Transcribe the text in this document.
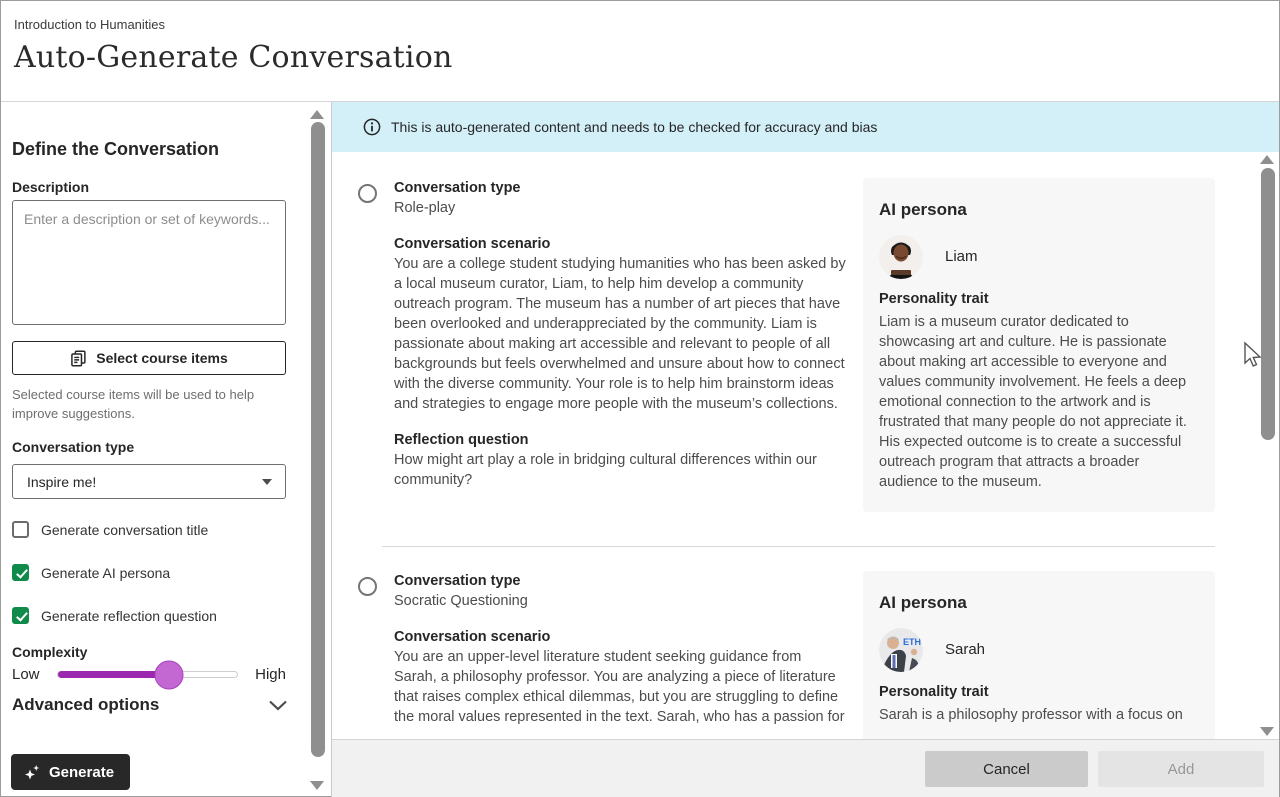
Introduction to Humanities
Auto-Generate Conversation
Define the Conversation
Description
Enter a description or set of keywords...
Select course items
Selected course items will be used to help improve suggestions.
Conversation type
Inspire me!
Generate conversation title
Generate AI persona
Generate reflection question
Complexity
Low	High
Advanced options
Generate
This is auto-generated content and needs to be checked for accuracy and bias
Conversation type
Role-play
Conversation scenario
You are a college student studying humanities who has been asked by a local museum curator, Liam, to help him develop a community outreach program. The museum has a number of art pieces that have been overlooked and underappreciated by the community. Liam is passionate about making art accessible and relevant to people of all backgrounds but feels overwhelmed and unsure about how to connect with the diverse community. Your role is to help him brainstorm ideas and strategies to engage more people with the museum’s collections.
Reflection question
How might art play a role in bridging cultural differences within our community?
AI persona
Liam
Personality trait
Liam is a museum curator dedicated to showcasing art and culture. He is passionate about making art accessible to everyone and values community involvement. He feels a deep emotional connection to the artwork and is frustrated that many people do not appreciate it. His expected outcome is to create a successful outreach program that attracts a broader audience to the museum.
Conversation type
Socratic Questioning
Conversation scenario
You are an upper-level literature student seeking guidance from Sarah, a philosophy professor. You are analyzing a piece of literature that raises complex ethical dilemmas, but you are struggling to define the moral values represented in the text. Sarah, who has a passion for
AI persona
ETH Sarah
Personality trait
Sarah is a philosophy professor with a focus on
Cancel	Add
